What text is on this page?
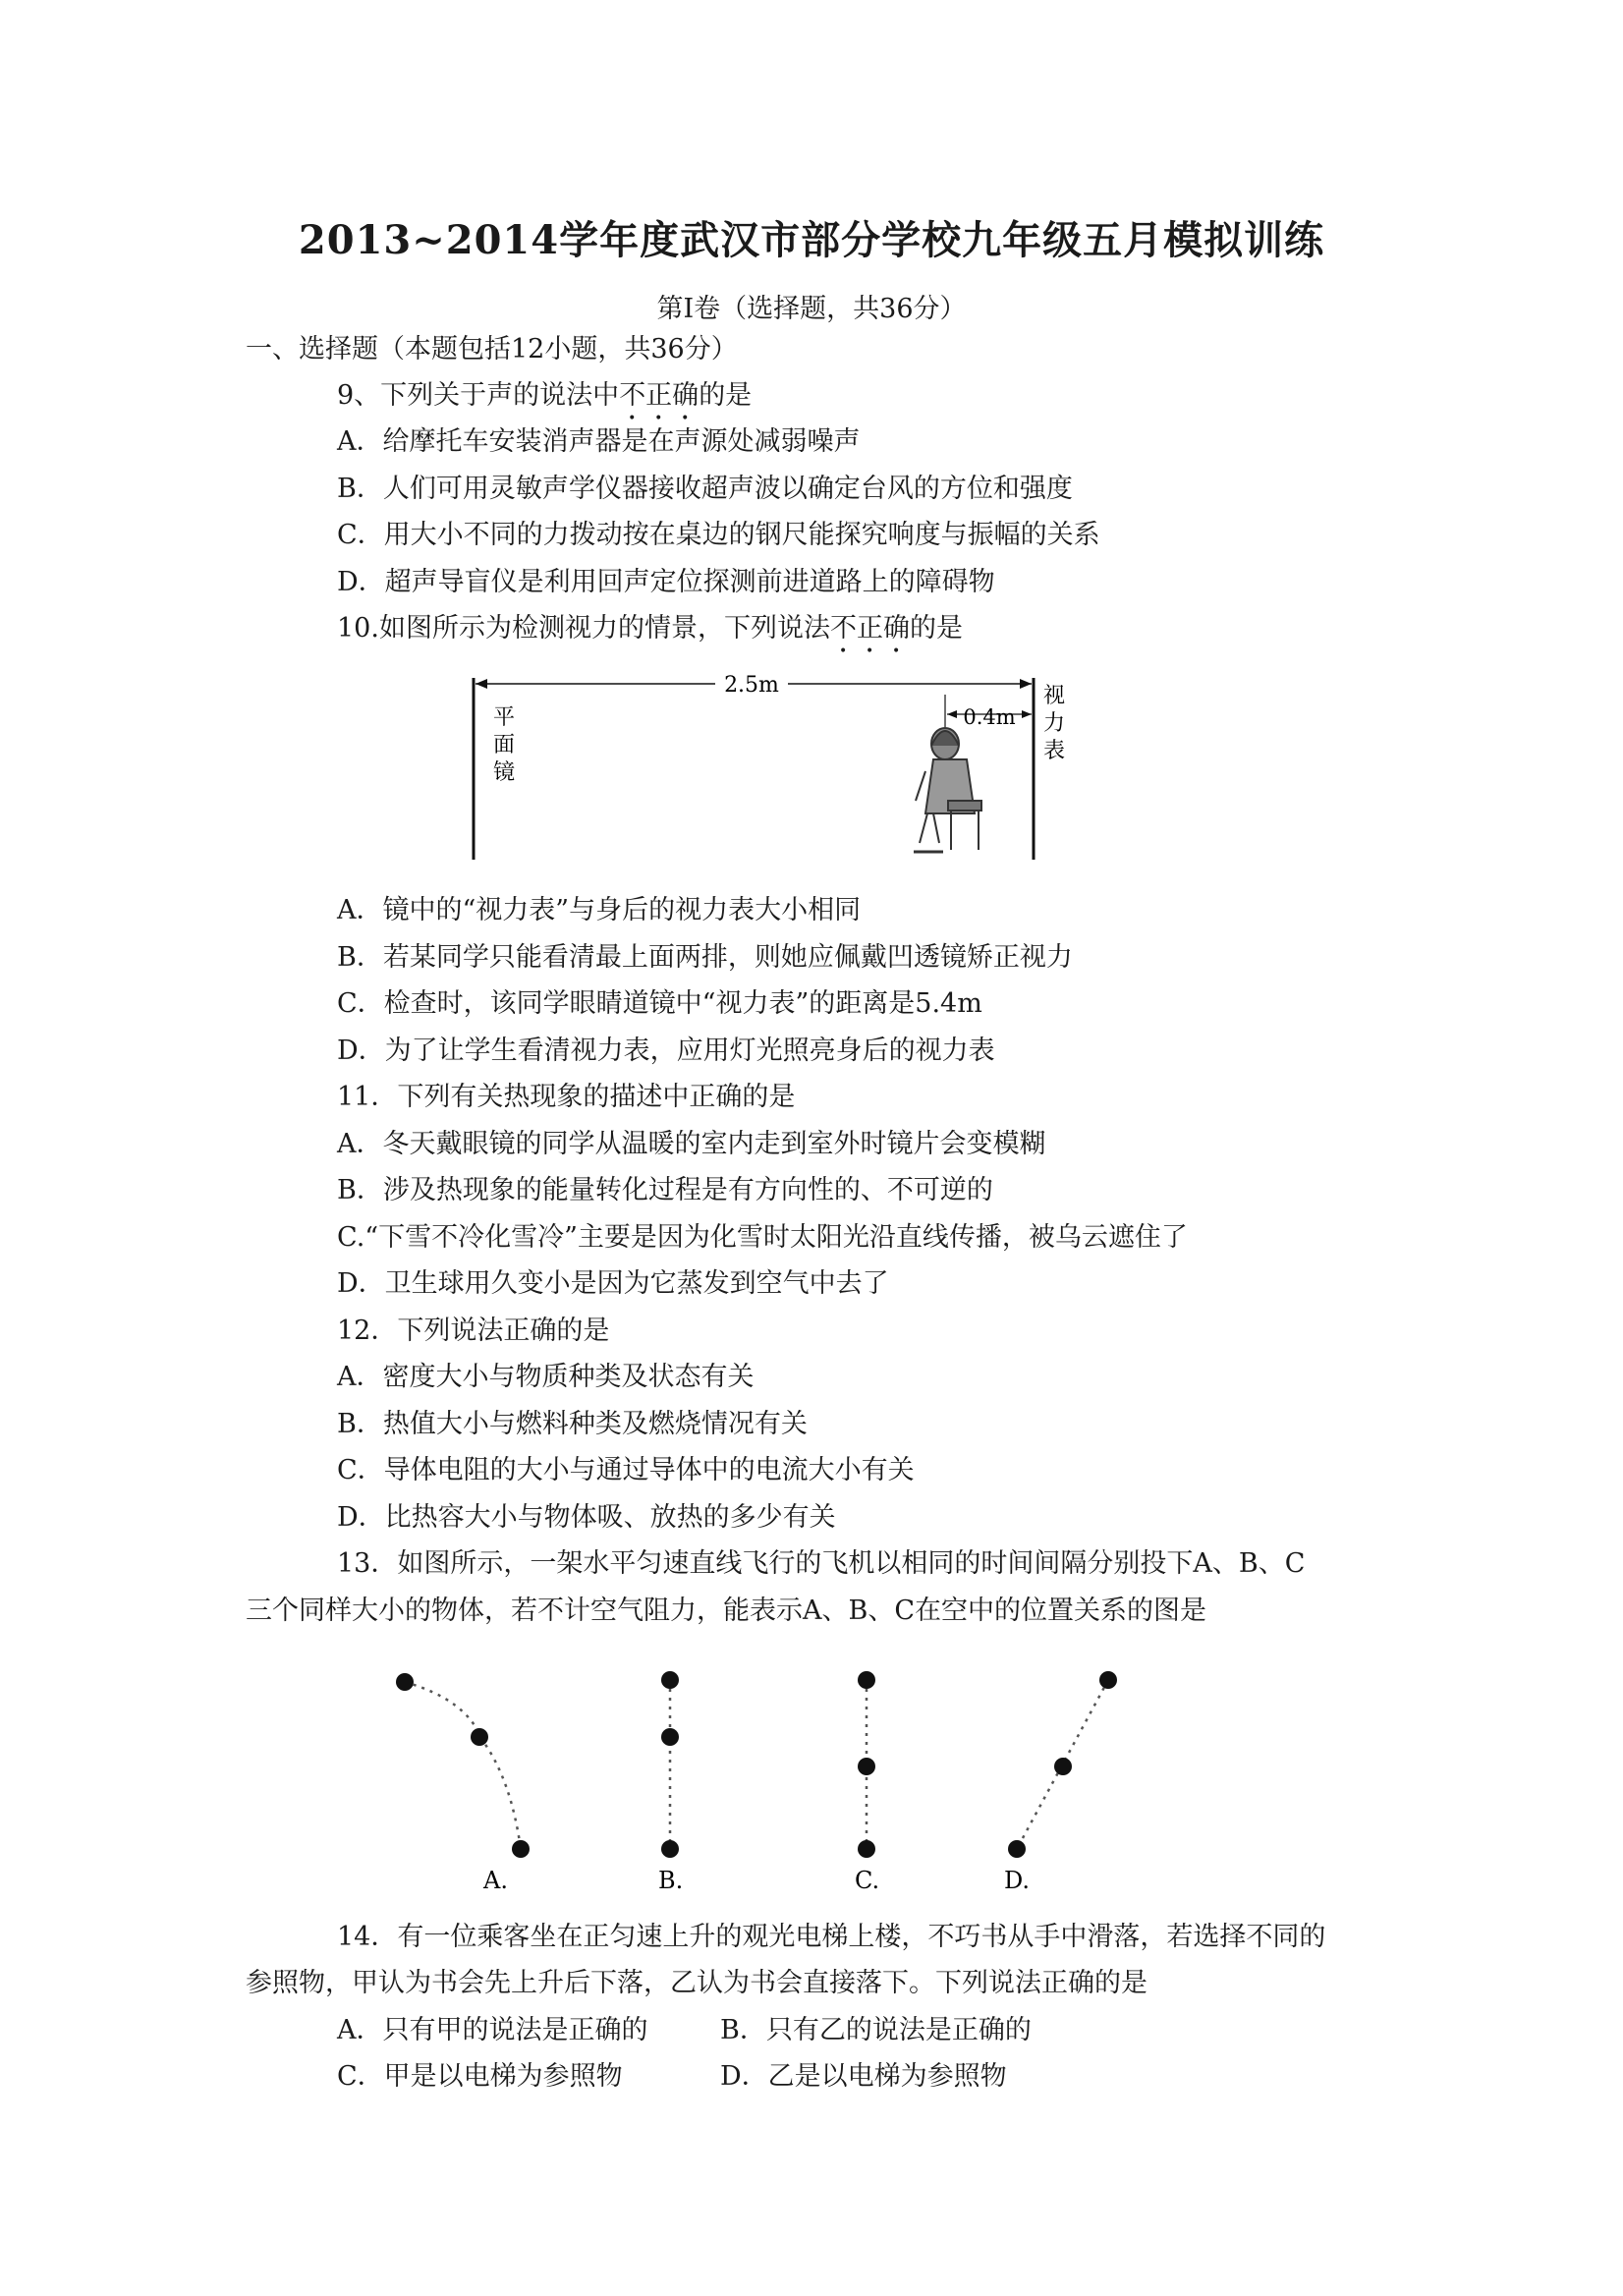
2013~2014学年度武汉市部分学校九年级五月模拟训练
第Ⅰ卷（选择题，共36分）
一、选择题（本题包括12小题，共36分）
9、下列关于声的说法中不正确的是
A．给摩托车安装消声器是在声源处减弱噪声
B．人们可用灵敏声学仪器接收超声波以确定台风的方位和强度
C．用大小不同的力拨动按在桌边的钢尺能探究响度与振幅的关系
D．超声导盲仪是利用回声定位探测前进道路上的障碍物
10.如图所示为检测视力的情景，下列说法不正确的是
2.5m
0.4m
平
面
镜
视
力
表
A．镜中的“视力表”与身后的视力表大小相同
B．若某同学只能看清最上面两排，则她应佩戴凹透镜矫正视力
C．检查时，该同学眼睛道镜中“视力表”的距离是5.4m
D．为了让学生看清视力表，应用灯光照亮身后的视力表
11．下列有关热现象的描述中正确的是
A．冬天戴眼镜的同学从温暖的室内走到室外时镜片会变模糊
B．涉及热现象的能量转化过程是有方向性的、不可逆的
C.“下雪不冷化雪冷”主要是因为化雪时太阳光沿直线传播，被乌云遮住了
D．卫生球用久变小是因为它蒸发到空气中去了
12．下列说法正确的是
A．密度大小与物质种类及状态有关
B．热值大小与燃料种类及燃烧情况有关
C．导体电阻的大小与通过导体中的电流大小有关
D．比热容大小与物体吸、放热的多少有关
13．如图所示，一架水平匀速直线飞行的飞机以相同的时间间隔分别投下A、B、C
三个同样大小的物体，若不计空气阻力，能表示A、B、C在空中的位置关系的图是
A.	B.	C.	D.
14．有一位乘客坐在正匀速上升的观光电梯上楼，不巧书从手中滑落，若选择不同的
参照物，甲认为书会先上升后下落，乙认为书会直接落下。下列说法正确的是
A．只有甲的说法是正确的	B．只有乙的说法是正确的
C．甲是以电梯为参照物	D．乙是以电梯为参照物
